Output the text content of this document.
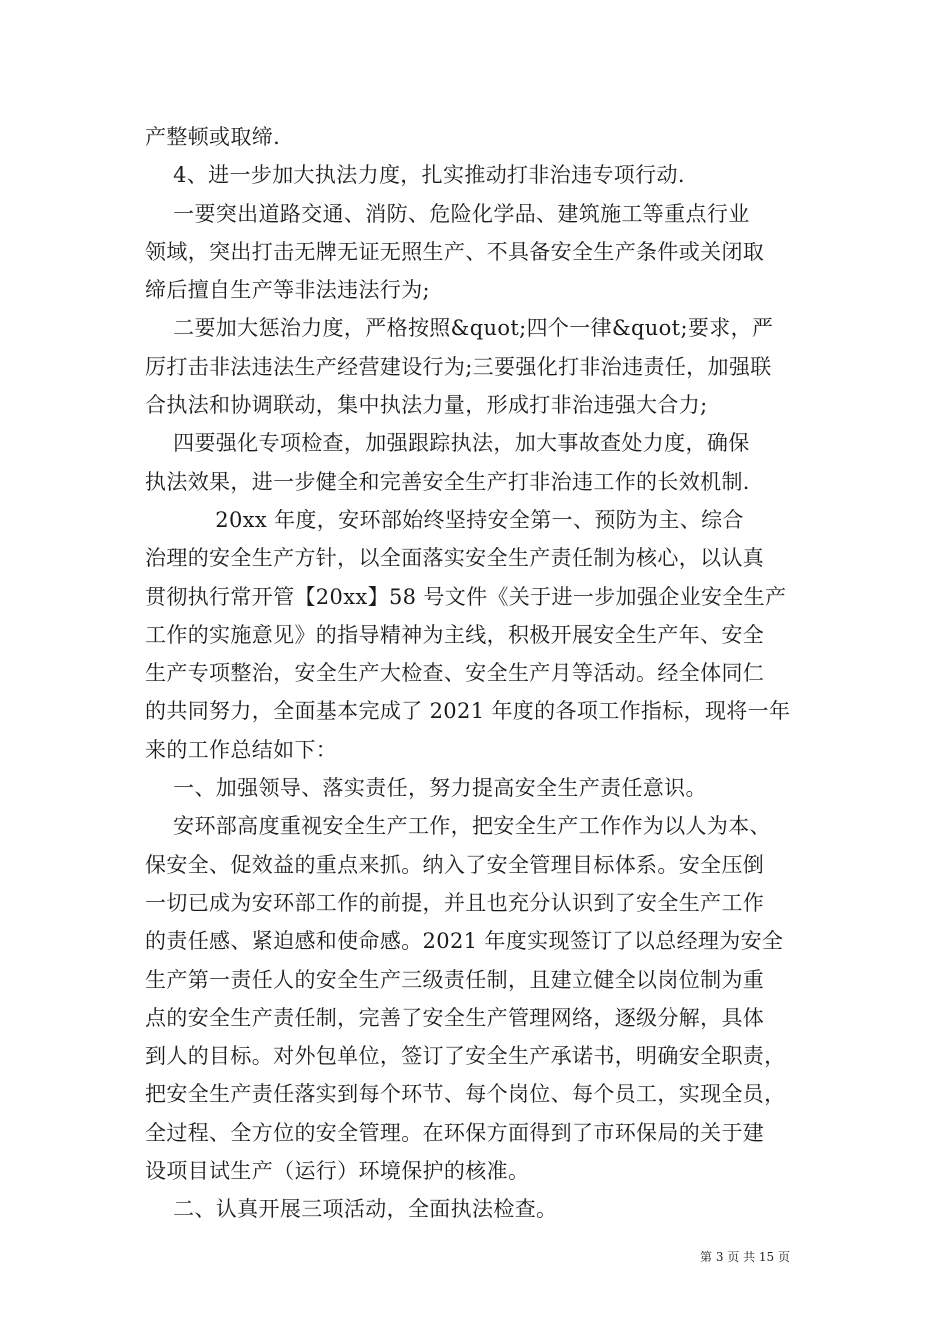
产整顿或取缔.
4、进一步加大执法力度，扎实推动打非治违专项行动.
一要突出道路交通、消防、危险化学品、建筑施工等重点行业
领域，突出打击无牌无证无照生产、不具备安全生产条件或关闭取
缔后擅自生产等非法违法行为;
二要加大惩治力度，严格按照&quot;四个一律&quot;要求，严
厉打击非法违法生产经营建设行为;三要强化打非治违责任，加强联
合执法和协调联动，集中执法力量，形成打非治违强大合力;
四要强化专项检查，加强跟踪执法，加大事故查处力度，确保
执法效果，进一步健全和完善安全生产打非治违工作的长效机制.
20xx 年度，安环部始终坚持安全第一、预防为主、综合
治理的安全生产方针，以全面落实安全生产责任制为核心，以认真
贯彻执行常开管【20xx】58 号文件《关于进一步加强企业安全生产
工作的实施意见》的指导精神为主线，积极开展安全生产年、安全
生产专项整治，安全生产大检查、安全生产月等活动。经全体同仁
的共同努力，全面基本完成了 2021 年度的各项工作指标，现将一年
来的工作总结如下：
一、加强领导、落实责任，努力提高安全生产责任意识。
安环部高度重视安全生产工作，把安全生产工作作为以人为本、
保安全、促效益的重点来抓。纳入了安全管理目标体系。安全压倒
一切已成为安环部工作的前提，并且也充分认识到了安全生产工作
的责任感、紧迫感和使命感。2021 年度实现签订了以总经理为安全
生产第一责任人的安全生产三级责任制，且建立健全以岗位制为重
点的安全生产责任制，完善了安全生产管理网络，逐级分解，具体
到人的目标。对外包单位，签订了安全生产承诺书，明确安全职责，
把安全生产责任落实到每个环节、每个岗位、每个员工，实现全员，
全过程、全方位的安全管理。在环保方面得到了市环保局的关于建
设项目试生产（运行）环境保护的核准。
二、认真开展三项活动，全面执法检查。
第 3 页 共 15 页
